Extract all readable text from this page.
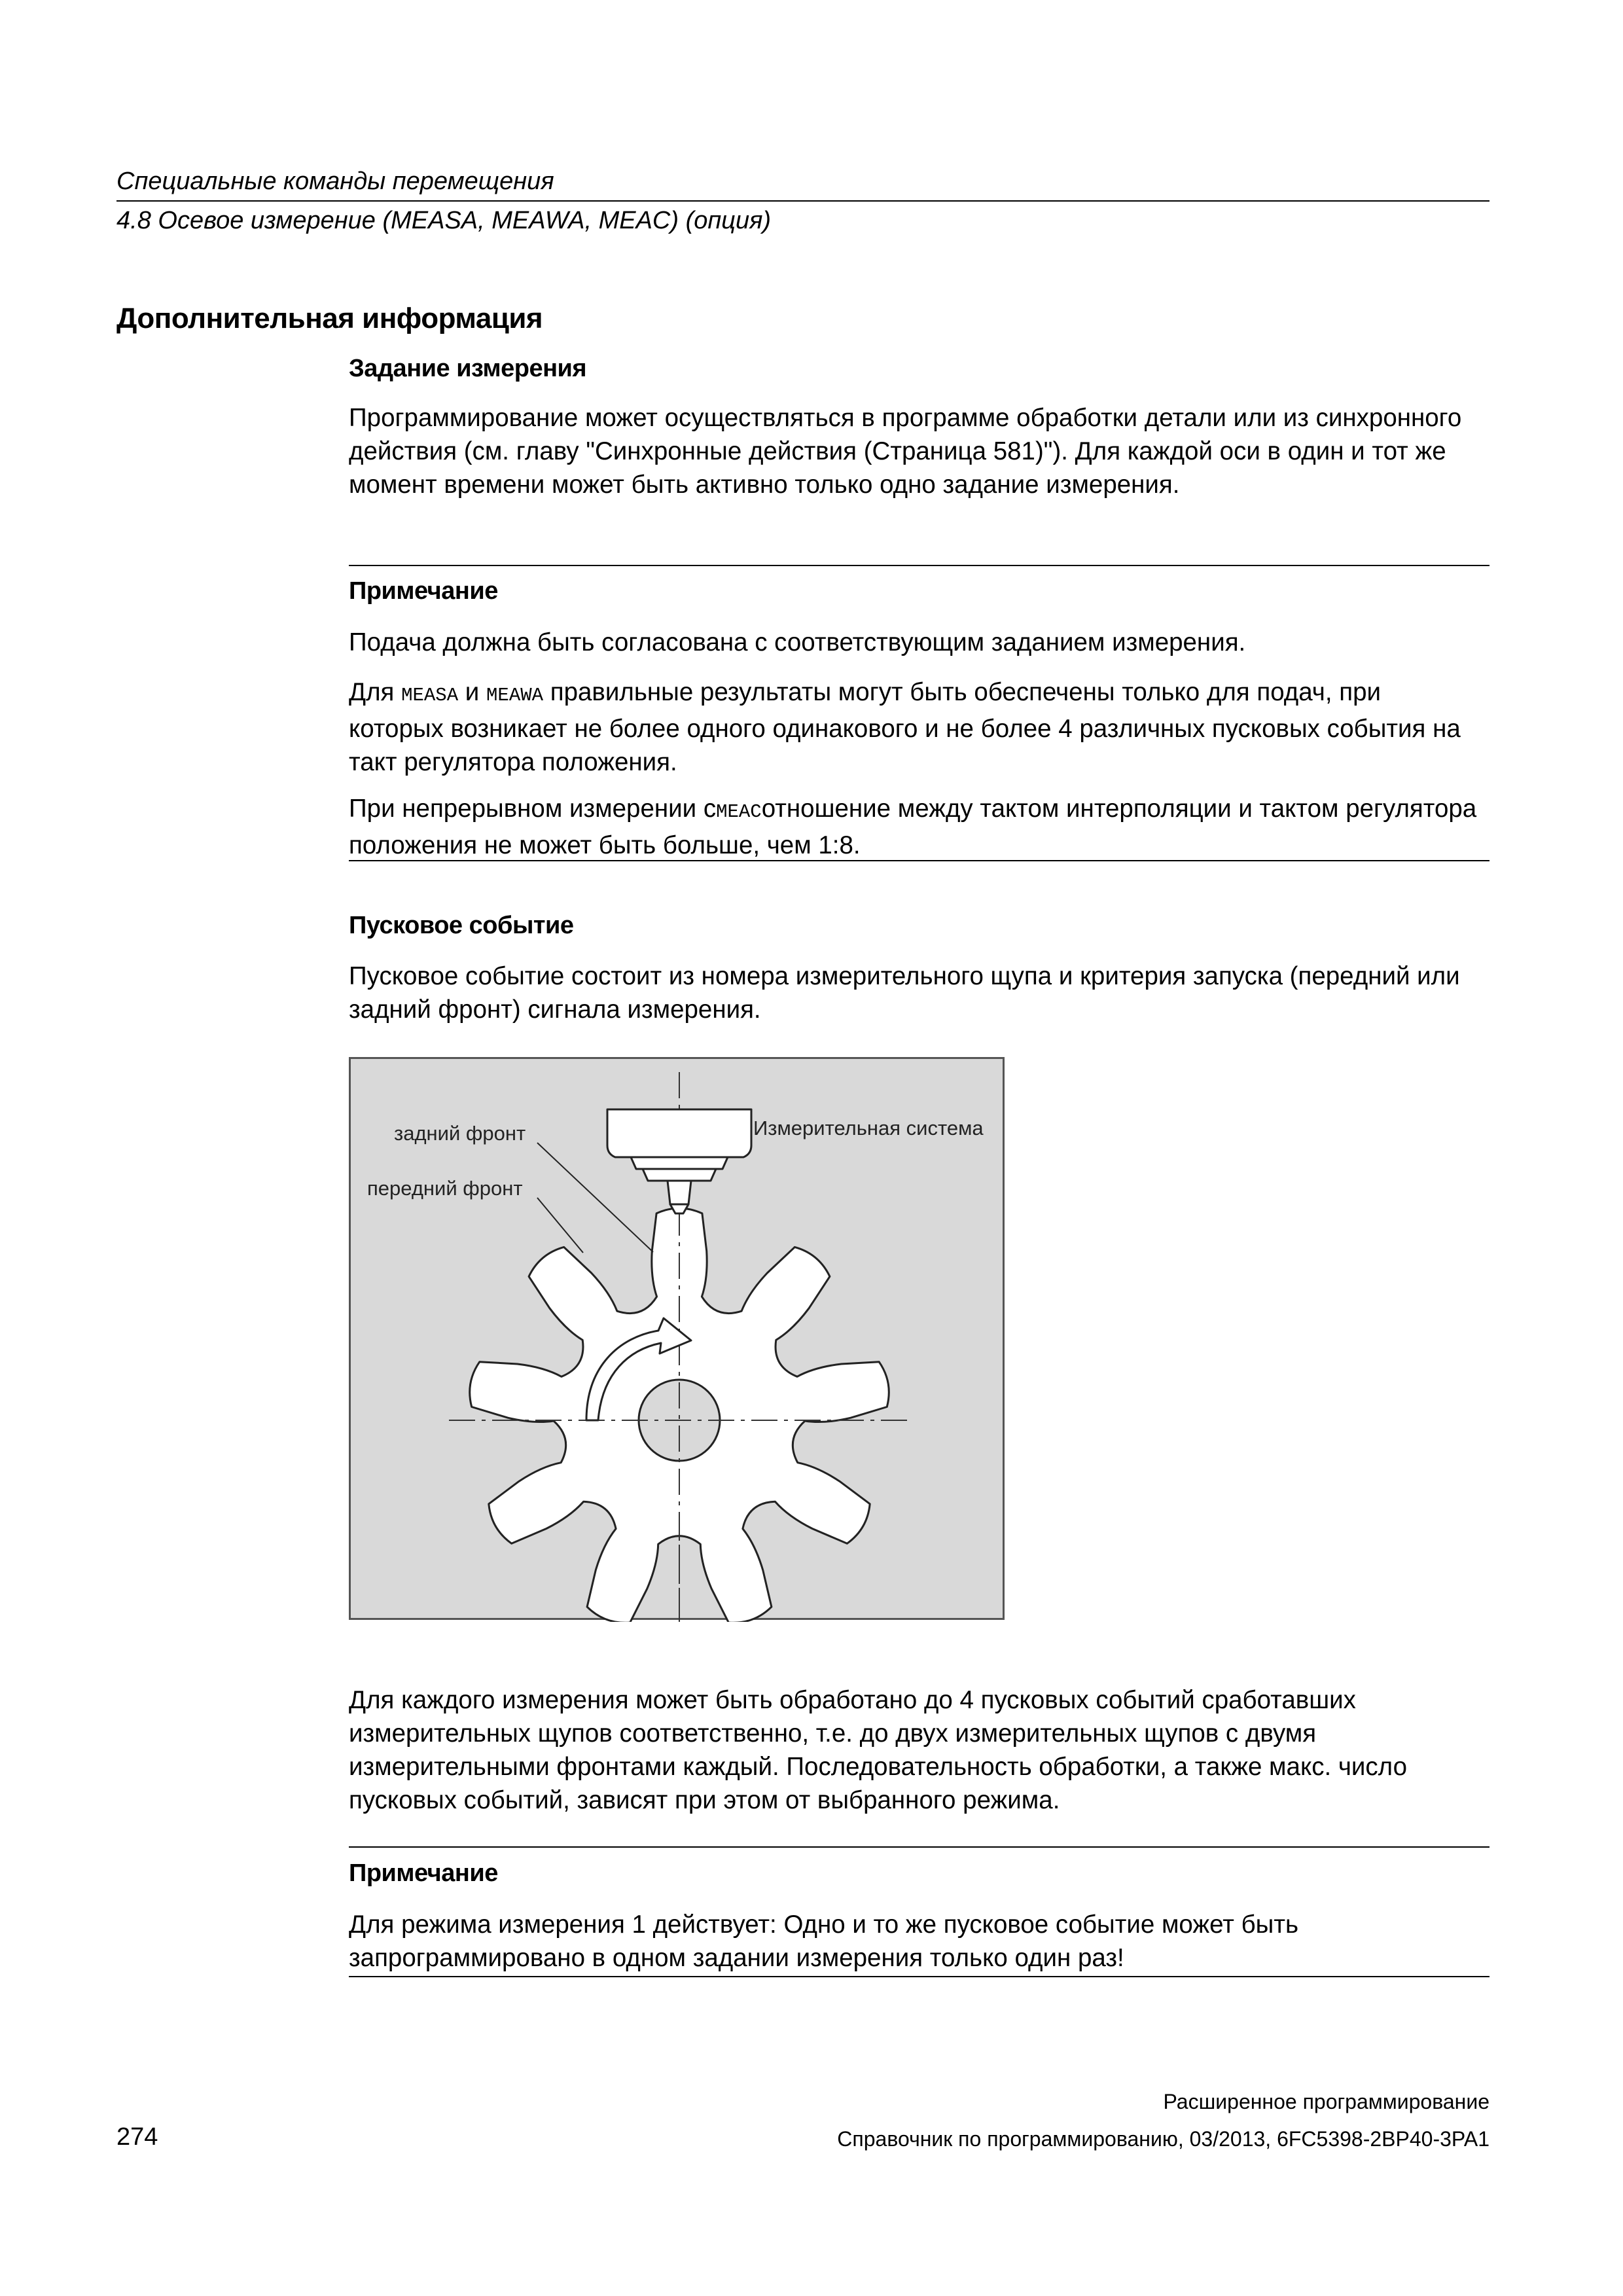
Специальные команды перемещения
4.8 Осевое измерение (MEASA, MEAWA, MEAC) (опция)
Дополнительная информация
Задание измерения
Программирование может осуществляться в программе обработки детали или из синхронного действия (см. главу "Синхронные действия (Страница 581)"). Для каждой оси в один и тот же момент времени может быть активно только одно задание измерения.
Примечание
Подача должна быть согласована с соответствующим заданием измерения.
Для MEASA и MEAWA правильные результаты могут быть обеспечены только для подач, при которых возникает не более одного одинакового и не более 4 различных пусковых события на такт регулятора положения.
При непрерывном измерении сMEACотношение между тактом интерполяции и тактом регулятора положения не может быть больше, чем 1:8.
Пусковое событие
Пусковое событие состоит из номера измерительного щупа и критерия запуска (передний или задний фронт) сигнала измерения.
задний фронт
передний фронт
Измерительная система
Для каждого измерения может быть обработано до 4 пусковых событий сработавших измерительных щупов соответственно, т.е. до двух измерительных щупов с двумя измерительными фронтами каждый. Последовательность обработки, а также макс. число пусковых событий, зависят при этом от выбранного режима.
Примечание
Для режима измерения 1 действует: Одно и то же пусковое событие может быть запрограммировано в одном задании измерения только один раз!
Расширенное программирование
274	Справочник по программированию, 03/2013, 6FC5398-2BP40-3PA1
